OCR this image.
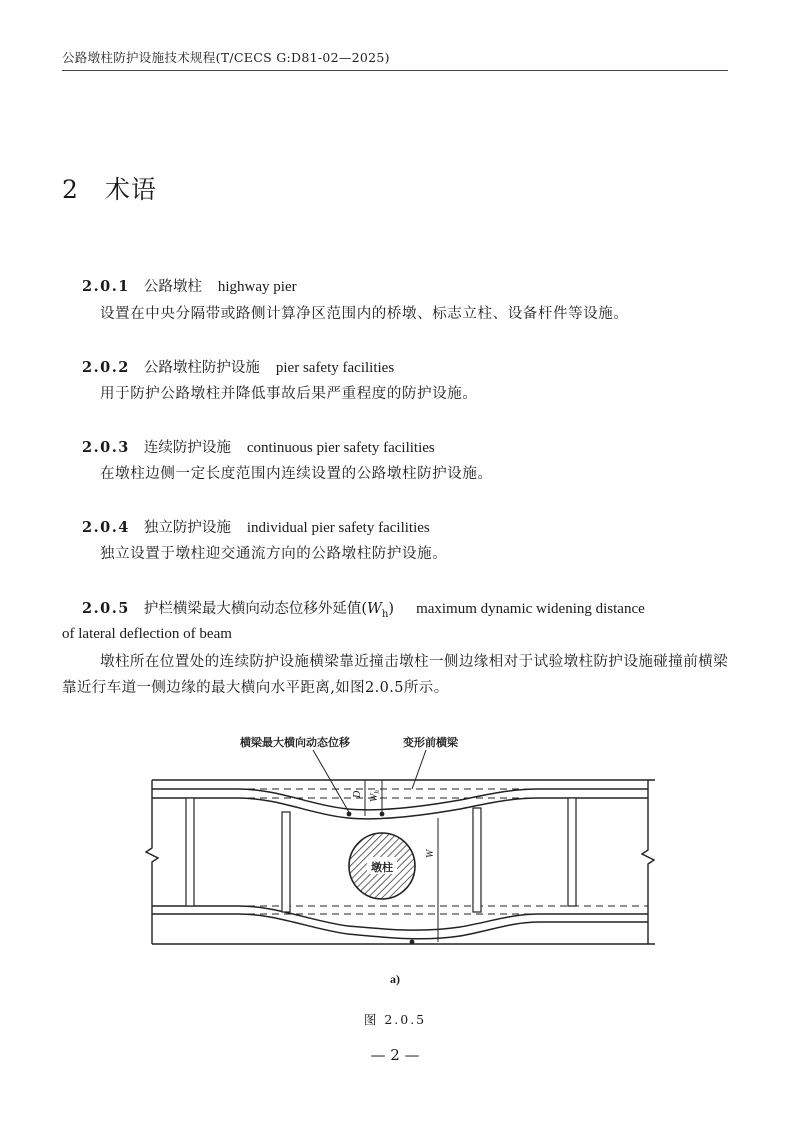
公路墩柱防护设施技术规程(T/CECS G:D81-02—2025)
2 术语
2.0.1 公路墩柱 highway pier
设置在中央分隔带或路侧计算净区范围内的桥墩、标志立柱、设备杆件等设施。
2.0.2 公路墩柱防护设施 pier safety facilities
用于防护公路墩柱并降低事故后果严重程度的防护设施。
2.0.3 连续防护设施 continuous pier safety facilities
在墩柱边侧一定长度范围内连续设置的公路墩柱防护设施。
2.0.4 独立防护设施 individual pier safety facilities
独立设置于墩柱迎交通流方向的公路墩柱防护设施。
2.0.5 护栏横梁最大横向动态位移外延值$(W_h)$ maximum dynamic widening distance
of lateral deflection of beam
墩柱所在位置处的连续防护设施横梁靠近撞击墩柱一侧边缘相对于试验墩柱防护设施碰撞前横梁靠近行车道一侧边缘的最大横向水平距离,如图2.0.5所示。
墩柱
横梁最大横向动态位移	变形前横梁
D $W_h$
W
a)
图 2.0.5
— 2 —
